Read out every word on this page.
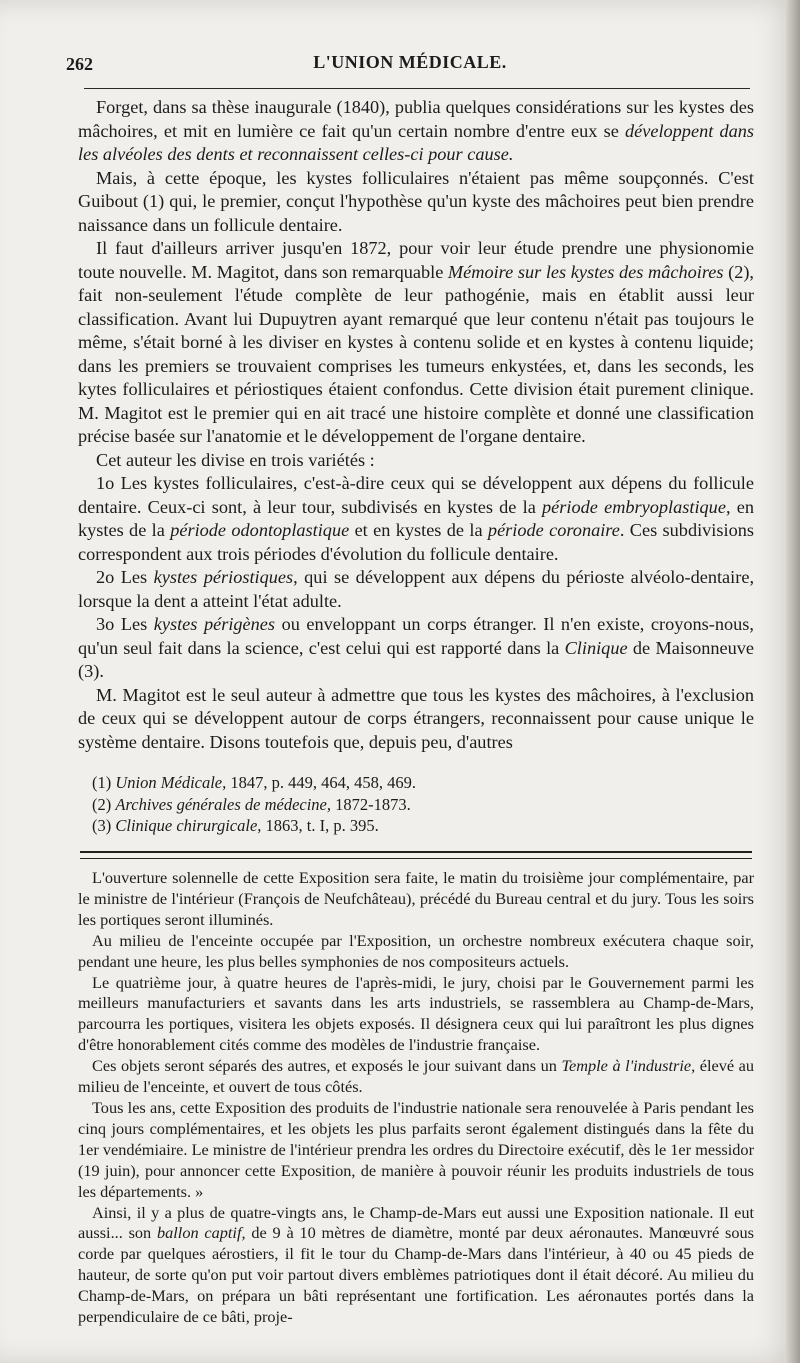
262	L'UNION MÉDICALE.

Forget, dans sa thèse inaugurale (1840), publia quelques considérations sur les kystes des mâchoires, et mit en lumière ce fait qu'un certain nombre d'entre eux se développent dans les alvéoles des dents et reconnaissent celles-ci pour cause.

Mais, à cette époque, les kystes folliculaires n'étaient pas même soupçonnés. C'est Guibout (1) qui, le premier, conçut l'hypothèse qu'un kyste des mâchoires peut bien prendre naissance dans un follicule dentaire.

Il faut d'ailleurs arriver jusqu'en 1872, pour voir leur étude prendre une physionomie toute nouvelle. M. Magitot, dans son remarquable Mémoire sur les kystes des mâchoires (2), fait non-seulement l'étude complète de leur pathogénie, mais en établit aussi leur classification. Avant lui Dupuytren ayant remarqué que leur contenu n'était pas toujours le même, s'était borné à les diviser en kystes à contenu solide et en kystes à contenu liquide; dans les premiers se trouvaient comprises les tumeurs enkystées, et, dans les seconds, les kytes folliculaires et périostiques étaient confondus. Cette division était purement clinique. M. Magitot est le premier qui en ait tracé une histoire complète et donné une classification précise basée sur l'anatomie et le développement de l'organe dentaire.

Cet auteur les divise en trois variétés :

1o Les kystes folliculaires, c'est-à-dire ceux qui se développent aux dépens du follicule dentaire. Ceux-ci sont, à leur tour, subdivisés en kystes de la période embryoplastique, en kystes de la période odontoplastique et en kystes de la période coronaire. Ces subdivisions correspondent aux trois périodes d'évolution du follicule dentaire.

2o Les kystes périostiques, qui se développent aux dépens du périoste alvéolo-dentaire, lorsque la dent a atteint l'état adulte.

3o Les kystes périgènes ou enveloppant un corps étranger. Il n'en existe, croyons-nous, qu'un seul fait dans la science, c'est celui qui est rapporté dans la Clinique de Maisonneuve (3).

M. Magitot est le seul auteur à admettre que tous les kystes des mâchoires, à l'exclusion de ceux qui se développent autour de corps étrangers, reconnaissent pour cause unique le système dentaire. Disons toutefois que, depuis peu, d'autres

(1) Union Médicale, 1847, p. 449, 464, 458, 469.
(2) Archives générales de médecine, 1872-1873.
(3) Clinique chirurgicale, 1863, t. I, p. 395.

L'ouverture solennelle de cette Exposition sera faite, le matin du troisième jour complémentaire, par le ministre de l'intérieur (François de Neufchâteau), précédé du Bureau central et du jury. Tous les soirs les portiques seront illuminés.

Au milieu de l'enceinte occupée par l'Exposition, un orchestre nombreux exécutera chaque soir, pendant une heure, les plus belles symphonies de nos compositeurs actuels.

Le quatrième jour, à quatre heures de l'après-midi, le jury, choisi par le Gouvernement parmi les meilleurs manufacturiers et savants dans les arts industriels, se rassemblera au Champ-de-Mars, parcourra les portiques, visitera les objets exposés. Il désignera ceux qui lui paraîtront les plus dignes d'être honorablement cités comme des modèles de l'industrie française.

Ces objets seront séparés des autres, et exposés le jour suivant dans un Temple à l'industrie, élevé au milieu de l'enceinte, et ouvert de tous côtés.

Tous les ans, cette Exposition des produits de l'industrie nationale sera renouvelée à Paris pendant les cinq jours complémentaires, et les objets les plus parfaits seront également distingués dans la fête du 1er vendémiaire. Le ministre de l'intérieur prendra les ordres du Directoire exécutif, dès le 1er messidor (19 juin), pour annoncer cette Exposition, de manière à pouvoir réunir les produits industriels de tous les départements. »

Ainsi, il y a plus de quatre-vingts ans, le Champ-de-Mars eut aussi une Exposition nationale. Il eut aussi... son ballon captif, de 9 à 10 mètres de diamètre, monté par deux aéronautes. Manœuvré sous corde par quelques aérostiers, il fit le tour du Champ-de-Mars dans l'intérieur, à 40 ou 45 pieds de hauteur, de sorte qu'on put voir partout divers emblèmes patriotiques dont il était décoré. Au milieu du Champ-de-Mars, on prépara un bâti représentant une fortification. Les aéronautes portés dans la perpendiculaire de ce bâti, proje-
